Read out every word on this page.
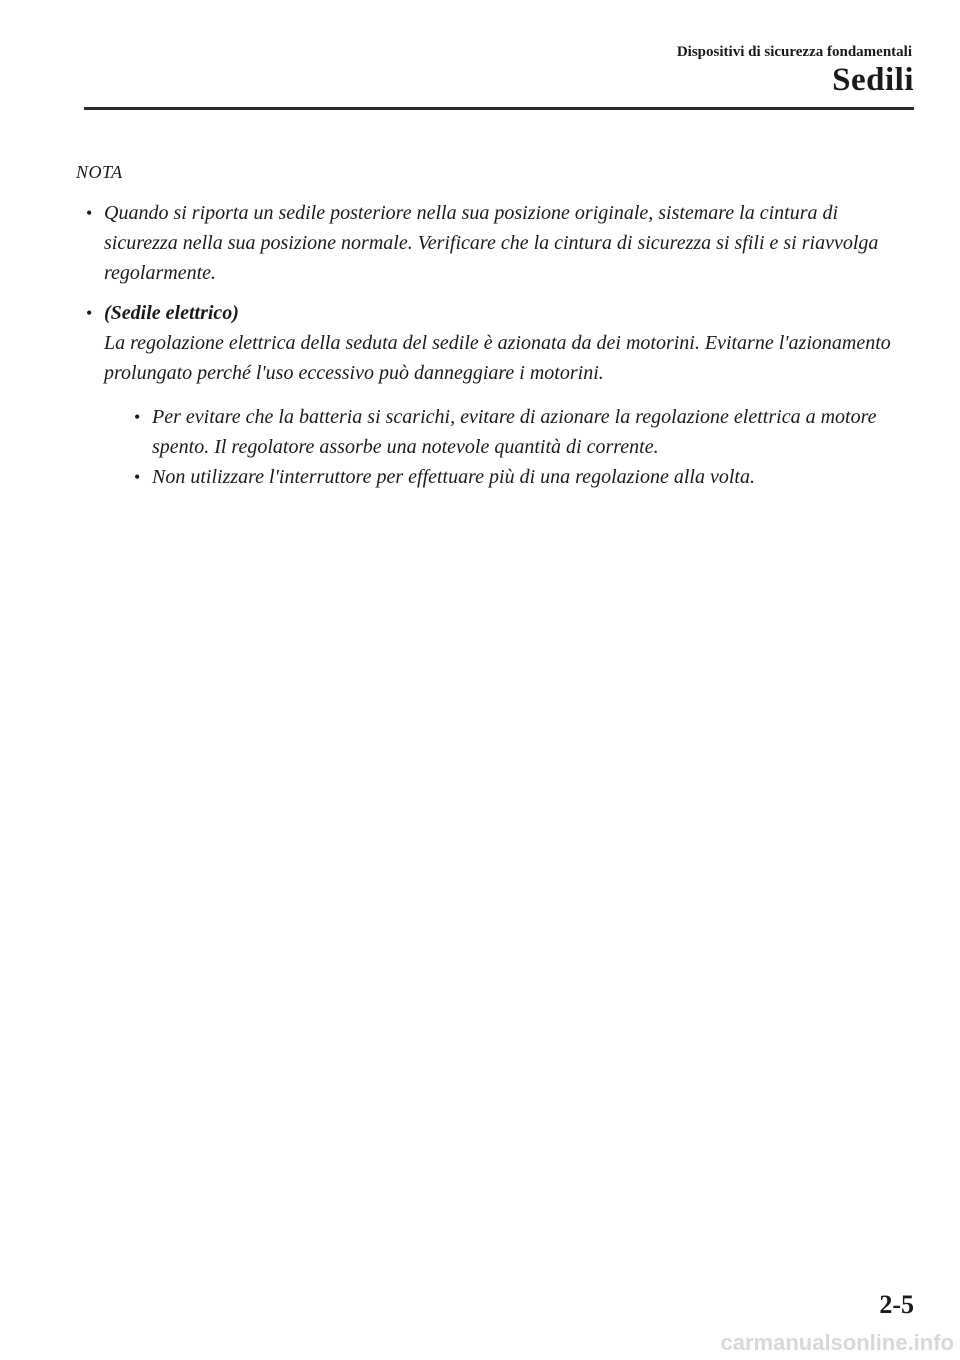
Dispositivi di sicurezza fondamentali
Sedili
NOTA
• Quando si riporta un sedile posteriore nella sua posizione originale, sistemare la cintura di sicurezza nella sua posizione normale. Verificare che la cintura di sicurezza si sfili e si riavvolga regolarmente.
• (Sedile elettrico)
La regolazione elettrica della seduta del sedile è azionata da dei motorini. Evitarne l'azionamento prolungato perché l'uso eccessivo può danneggiare i motorini.
• Per evitare che la batteria si scarichi, evitare di azionare la regolazione elettrica a motore spento. Il regolatore assorbe una notevole quantità di corrente.
• Non utilizzare l'interruttore per effettuare più di una regolazione alla volta.
2-5
carmanualsonline.info
